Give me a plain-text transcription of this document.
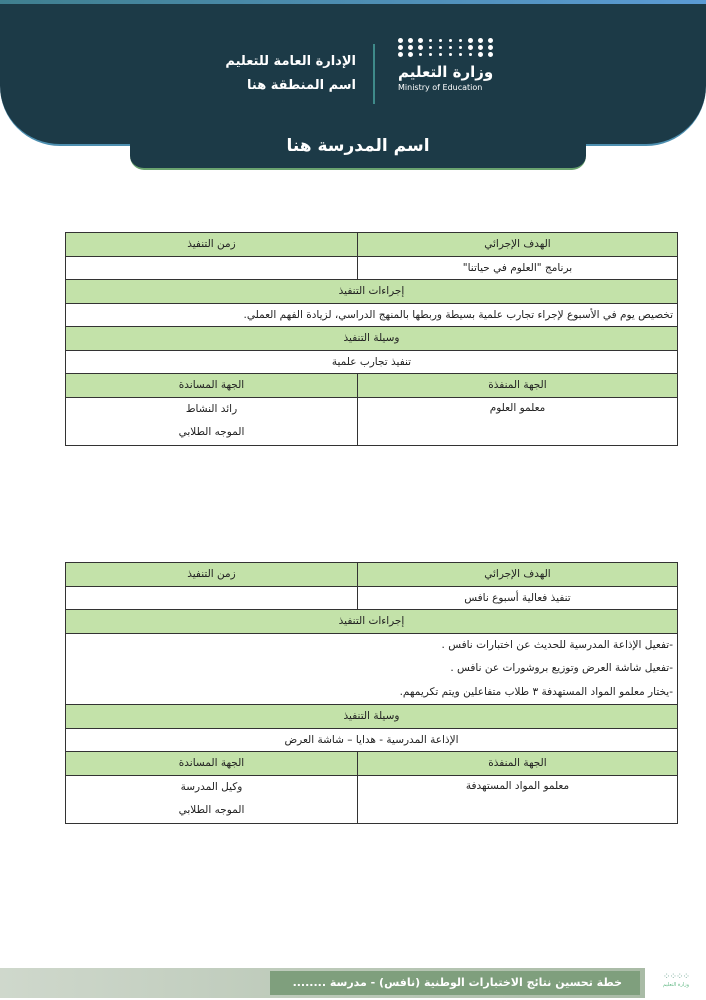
الإدارة العامة للتعليم
اسم المنطقة هنا
وزارة التعليم
Ministry of Education
اسم المدرسة هنا
الهدف الإجرائي	زمن التنفيذ
برنامج "العلوم في حياتنا"	
إجراءات التنفيذ	
تخصيص يوم في الأسبوع لإجراء تجارب علمية بسيطة وربطها بالمنهج الدراسي، لزيادة الفهم العملي.	
وسيلة التنفيذ	
تنفيذ تجارب علمية	
الجهة المنفذة	الجهة المساندة
معلمو العلوم	رائد النشاط
الموجه الطلابي
الهدف الإجرائي	زمن التنفيذ
تنفيذ فعالية أسبوع نافس	
إجراءات التنفيذ	

-تفعيل الإذاعة المدرسية للحديث عن اختبارات نافس .
-تفعيل شاشة العرض وتوزيع بروشورات عن نافس .
-يختار معلمو المواد المستهدفة ٣ طلاب متفاعلين ويتم تكريمهم.	

وسيلة التنفيذ	
الإذاعة المدرسية - هدايا – شاشة العرض	
الجهة المنفذة	الجهة المساندة
معلمو المواد المستهدفة	وكيل المدرسة
الموجه الطلابي
خطة تحسين نتائج الاختبارات الوطنية (نافس) - مدرسة ........	⁘⁘⁘⁘
وزارة التعليم
